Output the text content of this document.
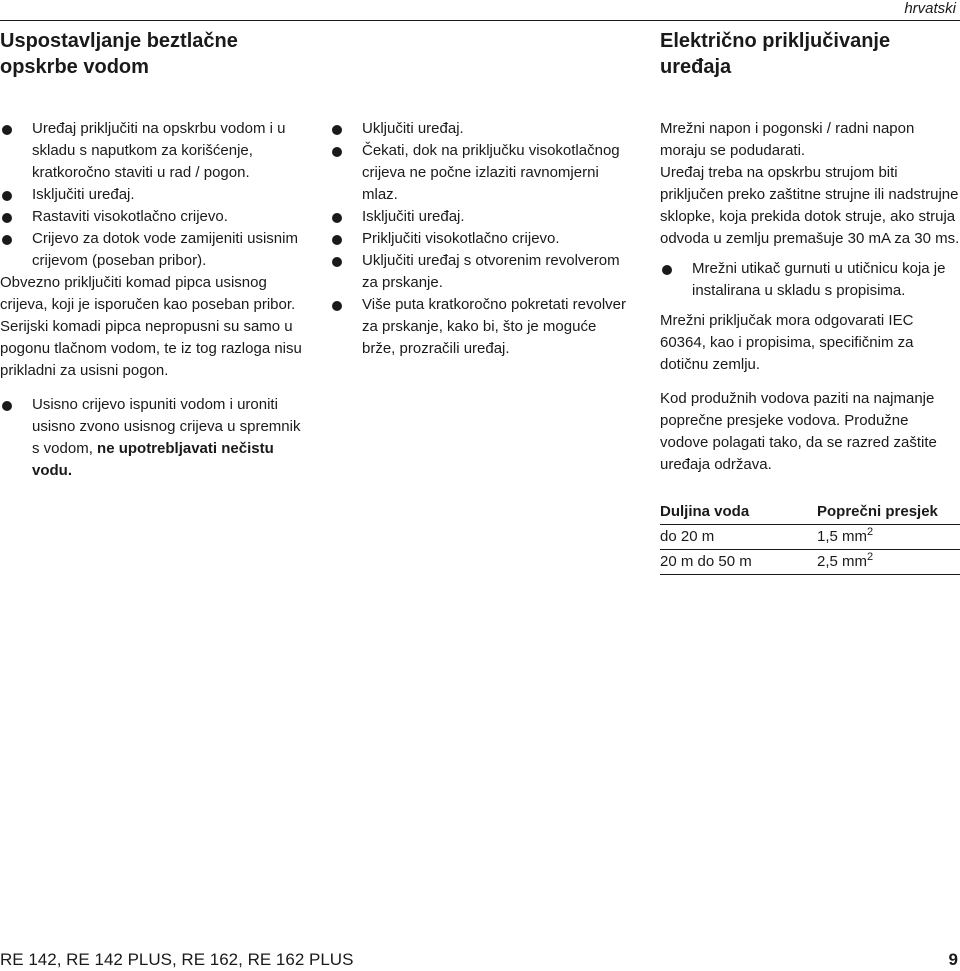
hrvatski
Uspostavljanje beztlačne
opskrbe vodom
Električno priključivanje
uređaja
Uređaj priključiti na opskrbu vodom i u skladu s naputkom za korišćenje, kratkoročno staviti u rad / pogon.
Isključiti uređaj.
Rastaviti visokotlačno crijevo.
Crijevo za dotok vode zamijeniti usisnim crijevom (poseban pribor).

Obvezno priključiti komad pipca usisnog crijeva, koji je isporučen kao poseban pribor. Serijski komadi pipca nepropusni su samo u pogonu tlačnom vodom, te iz tog razloga nisu prikladni za usisni pogon.

Usisno crijevo ispuniti vodom i uroniti usisno zvono usisnog crijeva u spremnik s vodom, ne upotrebljavati nečistu vodu.
Uključiti uređaj.
Čekati, dok na priključku visokotlačnog crijeva ne počne izlaziti ravnomjerni mlaz.
Isključiti uređaj.
Priključiti visokotlačno crijevo.
Uključiti uređaj s otvorenim revolverom za prskanje.
Više puta kratkoročno pokretati revolver za prskanje, kako bi, što je moguće brže, prozračili uređaj.

Mrežni napon i pogonski / radni napon moraju se podudarati.

Uređaj treba na opskrbu strujom biti priključen preko zaštitne strujne ili nadstrujne sklopke, koja prekida dotok struje, ako struja odvoda u zemlju premašuje 30 mA za 30 ms.

Mrežni utikač gurnuti u utičnicu koja je instalirana u skladu s propisima.

Mrežni priključak mora odgovarati IEC 60364, kao i propisima, specifičnim za dotičnu zemlju.

Kod produžnih vodova paziti na najmanje poprečne presjeke vodova. Produžne vodove polagati tako, da se razred zaštite uređaja održava.

Duljina voda	Poprečni presjek
do 20 m	1,5 $mm^2$
20 m do 50 m	2,5 $mm^2$
RE 142, RE 142 PLUS, RE 162, RE 162 PLUS	9
